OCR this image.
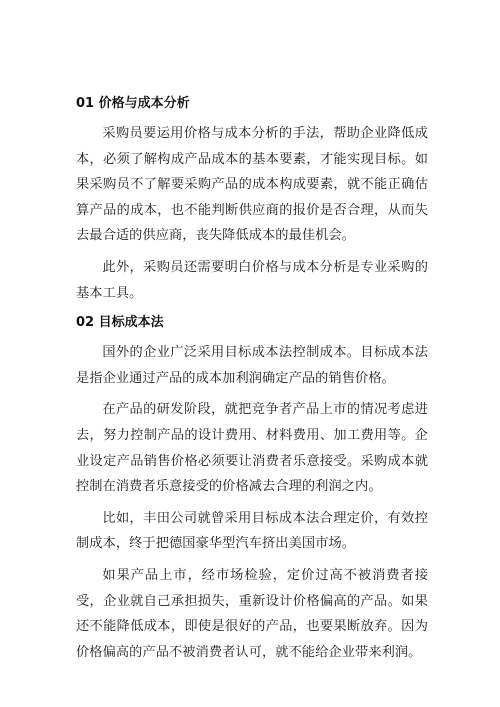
01 价格与成本分析

采购员要运用价格与成本分析的手法，帮助企业降低成本，必须了解构成产品成本的基本要素，才能实现目标。如果采购员不了解要采购产品的成本构成要素，就不能正确估算产品的成本，也不能判断供应商的报价是否合理，从而失去最合适的供应商，丧失降低成本的最佳机会。

此外，采购员还需要明白价格与成本分析是专业采购的基本工具。

02 目标成本法

国外的企业广泛采用目标成本法控制成本。目标成本法是指企业通过产品的成本加利润确定产品的销售价格。

在产品的研发阶段，就把竞争者产品上市的情况考虑进去，努力控制产品的设计费用、材料费用、加工费用等。企业设定产品销售价格必须要让消费者乐意接受。采购成本就控制在消费者乐意接受的价格减去合理的利润之内。

比如，丰田公司就曾采用目标成本法合理定价，有效控制成本，终于把德国豪华型汽车挤出美国市场。

如果产品上市，经市场检验，定价过高不被消费者接受，企业就自己承担损失，重新设计价格偏高的产品。如果还不能降低成本，即使是很好的产品，也要果断放弃。因为价格偏高的产品不被消费者认可，就不能给企业带来利润。
